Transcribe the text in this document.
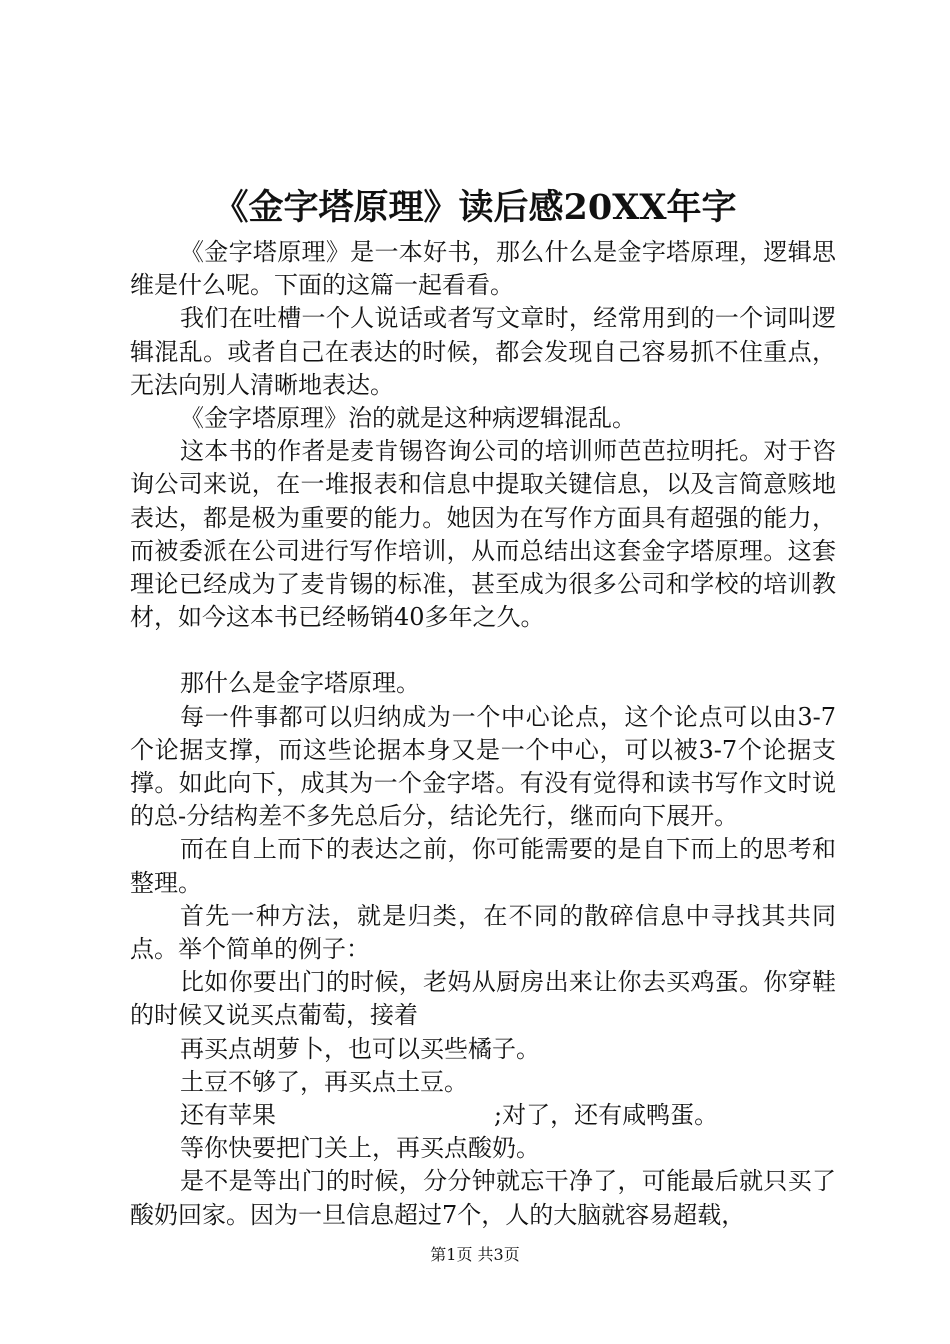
《金字塔原理》读后感20XX年字

《金字塔原理》是一本好书，那么什么是金字塔原理，逻辑思维是什么呢。下面的这篇一起看看。

我们在吐槽一个人说话或者写文章时，经常用到的一个词叫逻辑混乱。或者自己在表达的时候，都会发现自己容易抓不住重点，无法向别人清晰地表达。

《金字塔原理》治的就是这种病逻辑混乱。

这本书的作者是麦肯锡咨询公司的培训师芭芭拉明托。对于咨询公司来说，在一堆报表和信息中提取关键信息，以及言简意赅地表达，都是极为重要的能力。她因为在写作方面具有超强的能力，而被委派在公司进行写作培训，从而总结出这套金字塔原理。这套理论已经成为了麦肯锡的标准，甚至成为很多公司和学校的培训教材，如今这本书已经畅销40多年之久。

那什么是金字塔原理。

每一件事都可以归纳成为一个中心论点，这个论点可以由3-7个论据支撑，而这些论据本身又是一个中心，可以被3-7个论据支撑。如此向下，成其为一个金字塔。有没有觉得和读书写作文时说的总-分结构差不多先总后分，结论先行，继而向下展开。

而在自上而下的表达之前，你可能需要的是自下而上的思考和整理。

首先一种方法，就是归类，在不同的散碎信息中寻找其共同点。举个简单的例子：

比如你要出门的时候，老妈从厨房出来让你去买鸡蛋。你穿鞋的时候又说买点葡萄，接着

再买点胡萝卜，也可以买些橘子。

土豆不够了，再买点土豆。

还有苹果	;对了，还有咸鸭蛋。

等你快要把门关上，再买点酸奶。

是不是等出门的时候，分分钟就忘干净了，可能最后就只买了酸奶回家。因为一旦信息超过7个，人的大脑就容易超载，

第1页 共3页
